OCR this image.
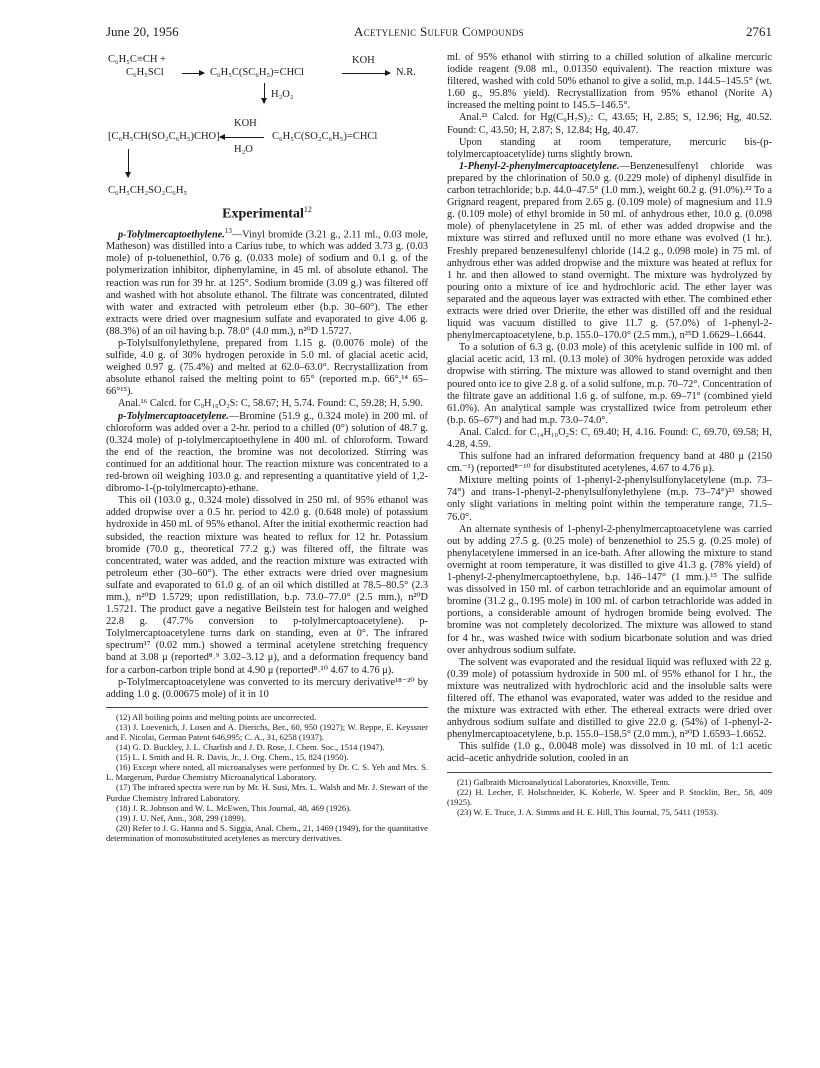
June 20, 1956	Acetylenic Sulfur Compounds	2761
C₆H₅C≡CH +
C₆H₅SCl	C₆H₅C(SC₆H₅)=CHCl
KOH
N.R.
H₂O₂
KOH
[C₆H₅CH(SO₂C₆H₅)CHO]	C₆H₅C(SO₂C₆H₅)=CHCl
H₂O
C₆H₅CH₂SO₂C₆H₅
Experimental$^{12}$

p-Tolylmercaptoethylene.$^{13}$—Vinyl bromide (3.21 g., 2.11 ml., 0.03 mole, Matheson) was distilled into a Carius tube, to which was added 3.73 g. (0.03 mole) of p-toluenethiol, 0.76 g. (0.033 mole) of sodium and 0.1 g. of the polymerization inhibitor, diphenylamine, in 45 ml. of absolute ethanol. The reaction was run for 39 hr. at 125°. Sodium bromide (3.09 g.) was filtered off and washed with hot absolute ethanol. The filtrate was concentrated, diluted with water and extracted with petroleum ether (b.p. 30–60°). The ether extracts were dried over magnesium sulfate and evaporated to give 4.06 g. (88.3%) of an oil having b.p. 78.0° (4.0 mm.), n²⁰D 1.5727.

p-Tolylsulfonylethylene, prepared from 1.15 g. (0.0076 mole) of the sulfide, 4.0 g. of 30% hydrogen peroxide in 5.0 ml. of glacial acetic acid, weighed 0.97 g. (75.4%) and melted at 62.0–63.0°. Recrystallization from absolute ethanol raised the melting point to 65° (reported m.p. 66°,¹⁴ 65–66°¹⁵).

Anal.¹⁶ Calcd. for C₉H₁₀O₂S: C, 58.67; H, 5.74. Found: C, 59.28; H, 5.90.

p-Tolylmercaptoacetylene.—Bromine (51.9 g., 0.324 mole) in 200 ml. of chloroform was added over a 2-hr. period to a chilled (0°) solution of 48.7 g. (0.324 mole) of p-tolylmercaptoethylene in 400 ml. of chloroform. Toward the end of the reaction, the bromine was not decolorized. Stirring was continued for an additional hour. The reaction mixture was concentrated to a red-brown oil weighing 103.0 g. and representing a quantitative yield of 1,2-dibromo-1-(p-tolylmercapto)-ethane.

This oil (103.0 g., 0.324 mole) dissolved in 250 ml. of 95% ethanol was added dropwise over a 0.5 hr. period to 42.0 g. (0.648 mole) of potassium hydroxide in 450 ml. of 95% ethanol. After the initial exothermic reaction had subsided, the reaction mixture was heated to reflux for 12 hr. Potassium bromide (70.0 g., theoretical 77.2 g.) was filtered off, the filtrate was concentrated, water was added, and the reaction mixture was extracted with petroleum ether (30–60°). The ether extracts were dried over magnesium sulfate and evaporated to 61.0 g. of an oil which distilled at 78.5–80.5° (2.3 mm.), n²⁰D 1.5729; upon redistillation, b.p. 73.0–77.0° (2.5 mm.), n²⁰D 1.5721. The product gave a negative Beilstein test for halogen and weighed 22.8 g. (47.7% conversion to p-tolylmercaptoacetylene). p-Tolylmercaptoacetylene turns dark on standing, even at 0°. The infrared spectrum¹⁷ (0.02 mm.) showed a terminal acetylene stretching frequency band at 3.08 μ (reported⁸˒⁹ 3.02–3.12 μ), and a deformation frequency band for a carbon-carbon triple bond at 4.90 μ (reported⁸˒¹⁰ 4.67 to 4.76 μ).

p-Tolylmercaptoacetylene was converted to its mercury derivative¹⁸⁻²⁰ by adding 1.0 g. (0.00675 mole) of it in 10

(12) All boiling points and melting points are uncorrected.

(13) J. Loevenich, J. Losen and A. Dierichs, Ber., 60, 950 (1927); W. Reppe, E. Keyssner and F. Nicolai, German Patent 646,995; C. A., 31, 6258 (1937).

(14) G. D. Buckley, J. L. Charlish and J. D. Rose, J. Chem. Soc., 1514 (1947).

(15) L. I. Smith and H. R. Davis, Jr., J. Org. Chem., 15, 824 (1950).

(16) Except where noted, all microanalyses were performed by Dr. C. S. Yeh and Mrs. S. L. Margerum, Purdue Chemistry Microanalytical Laboratory.

(17) The infrared spectra were run by Mr. H. Susi, Mrs. L. Walsh and Mr. J. Stewart of the Purdue Chemistry Infrared Laboratory.

(18) J. R. Johnson and W. L. McEwen, This Journal, 48, 469 (1926).

(19) J. U. Nef, Ann., 308, 299 (1899).

(20) Refer to J. G. Hanna and S. Siggia, Anal. Chem., 21, 1469 (1949), for the quantitative determination of monosubstituted acetylenes as mercury derivatives.

ml. of 95% ethanol with stirring to a chilled solution of alkaline mercuric iodide reagent (9.08 ml., 0.01350 equivalent). The reaction mixture was filtered, washed with cold 50% ethanol to give a solid, m.p. 144.5–145.5° (wt. 1.60 g., 95.8% yield). Recrystallization from 95% ethanol (Norite A) increased the melting point to 145.5–146.5°.

Anal.²¹ Calcd. for Hg(C₉H₇S)₂: C, 43.65; H, 2.85; S, 12.96; Hg, 40.52. Found: C, 43.50; H, 2.87; S, 12.84; Hg, 40.47.

Upon standing at room temperature, mercuric bis-(p-tolylmercaptoacetylide) turns slightly brown.

1-Phenyl-2-phenylmercaptoacetylene.—Benzenesulfenyl chloride was prepared by the chlorination of 50.0 g. (0.229 mole) of diphenyl disulfide in carbon tetrachloride; b.p. 44.0–47.5° (1.0 mm.), weight 60.2 g. (91.0%).²² To a Grignard reagent, prepared from 2.65 g. (0.109 mole) of magnesium and 11.9 g. (0.109 mole) of ethyl bromide in 50 ml. of anhydrous ether, 10.0 g. (0.098 mole) of phenylacetylene in 25 ml. of ether was added dropwise and the mixture was stirred and refluxed until no more ethane was evolved (1 hr.). Freshly prepared benzenesulfenyl chloride (14.2 g., 0.098 mole) in 75 ml. of anhydrous ether was added dropwise and the mixture was heated at reflux for 1 hr. and then allowed to stand overnight. The mixture was hydrolyzed by pouring onto a mixture of ice and hydrochloric acid. The ether layer was separated and the aqueous layer was extracted with ether. The combined ether extracts were dried over Drierite, the ether was distilled off and the residual liquid was vacuum distilled to give 11.7 g. (57.0%) of 1-phenyl-2-phenylmercaptoacetylene, b.p. 155.0–170.0° (2.5 mm.), n²⁵D 1.6629–1.6644.

To a solution of 6.3 g. (0.03 mole) of this acetylenic sulfide in 100 ml. of glacial acetic acid, 13 ml. (0.13 mole) of 30% hydrogen peroxide was added dropwise with stirring. The mixture was allowed to stand overnight and then poured onto ice to give 2.8 g. of a solid sulfone, m.p. 70–72°. Concentration of the filtrate gave an additional 1.6 g. of sulfone, m.p. 69–71° (combined yield 61.0%). An analytical sample was crystallized twice from petroleum ether (b.p. 65–67°) and had m.p. 73.0–74.0°.

Anal. Calcd. for C₁₄H₁₀O₂S: C, 69.40; H, 4.16. Found: C, 69.70, 69.58; H, 4.28, 4.59.

This sulfone had an infrared deformation frequency band at 480 μ (2150 cm.⁻¹) (reported⁸⁻¹⁰ for disubstituted acetylenes, 4.67 to 4.76 μ).

Mixture melting points of 1-phenyl-2-phenylsulfonylacetylene (m.p. 73–74°) and trans-1-phenyl-2-phenylsulfonylethylene (m.p. 73–74°)²³ showed only slight variations in melting point within the temperature range, 71.5–76.0°.

An alternate synthesis of 1-phenyl-2-phenylmercaptoacetylene was carried out by adding 27.5 g. (0.25 mole) of benzenethiol to 25.5 g. (0.25 mole) of phenylacetylene immersed in an ice-bath. After allowing the mixture to stand overnight at room temperature, it was distilled to give 41.3 g. (78% yield) of 1-phenyl-2-phenylmercaptoethylene, b.p. 146–147° (1 mm.).¹⁵ The sulfide was dissolved in 150 ml. of carbon tetrachloride and an equimolar amount of bromine (31.2 g., 0.195 mole) in 100 ml. of carbon tetrachloride was added in portions, a considerable amount of hydrogen bromide being evolved. The bromine was not completely decolorized. The mixture was allowed to stand for 4 hr., was washed twice with sodium bicarbonate solution and was dried over anhydrous sodium sulfate.

The solvent was evaporated and the residual liquid was refluxed with 22 g. (0.39 mole) of potassium hydroxide in 500 ml. of 95% ethanol for 1 hr., the mixture was neutralized with hydrochloric acid and the insoluble salts were filtered off. The ethanol was evaporated, water was added to the residue and the mixture was extracted with ether. The ethereal extracts were dried over anhydrous sodium sulfate and distilled to give 22.0 g. (54%) of 1-phenyl-2-phenylmercaptoacetylene, b.p. 155.0–158.5° (2.0 mm.), n²⁰D 1.6593–1.6652.

This sulfide (1.0 g., 0.0048 mole) was dissolved in 10 ml. of 1:1 acetic acid–acetic anhydride solution, cooled in an

(21) Galbraith Microanalytical Laboratories, Knoxville, Tenn.

(22) H. Lecher, F. Holschneider, K. Koberle, W. Speer and P. Stocklin, Ber., 58, 409 (1925).

(23) W. E. Truce, J. A. Simms and H. E. Hill, This Journal, 75, 5411 (1953).
